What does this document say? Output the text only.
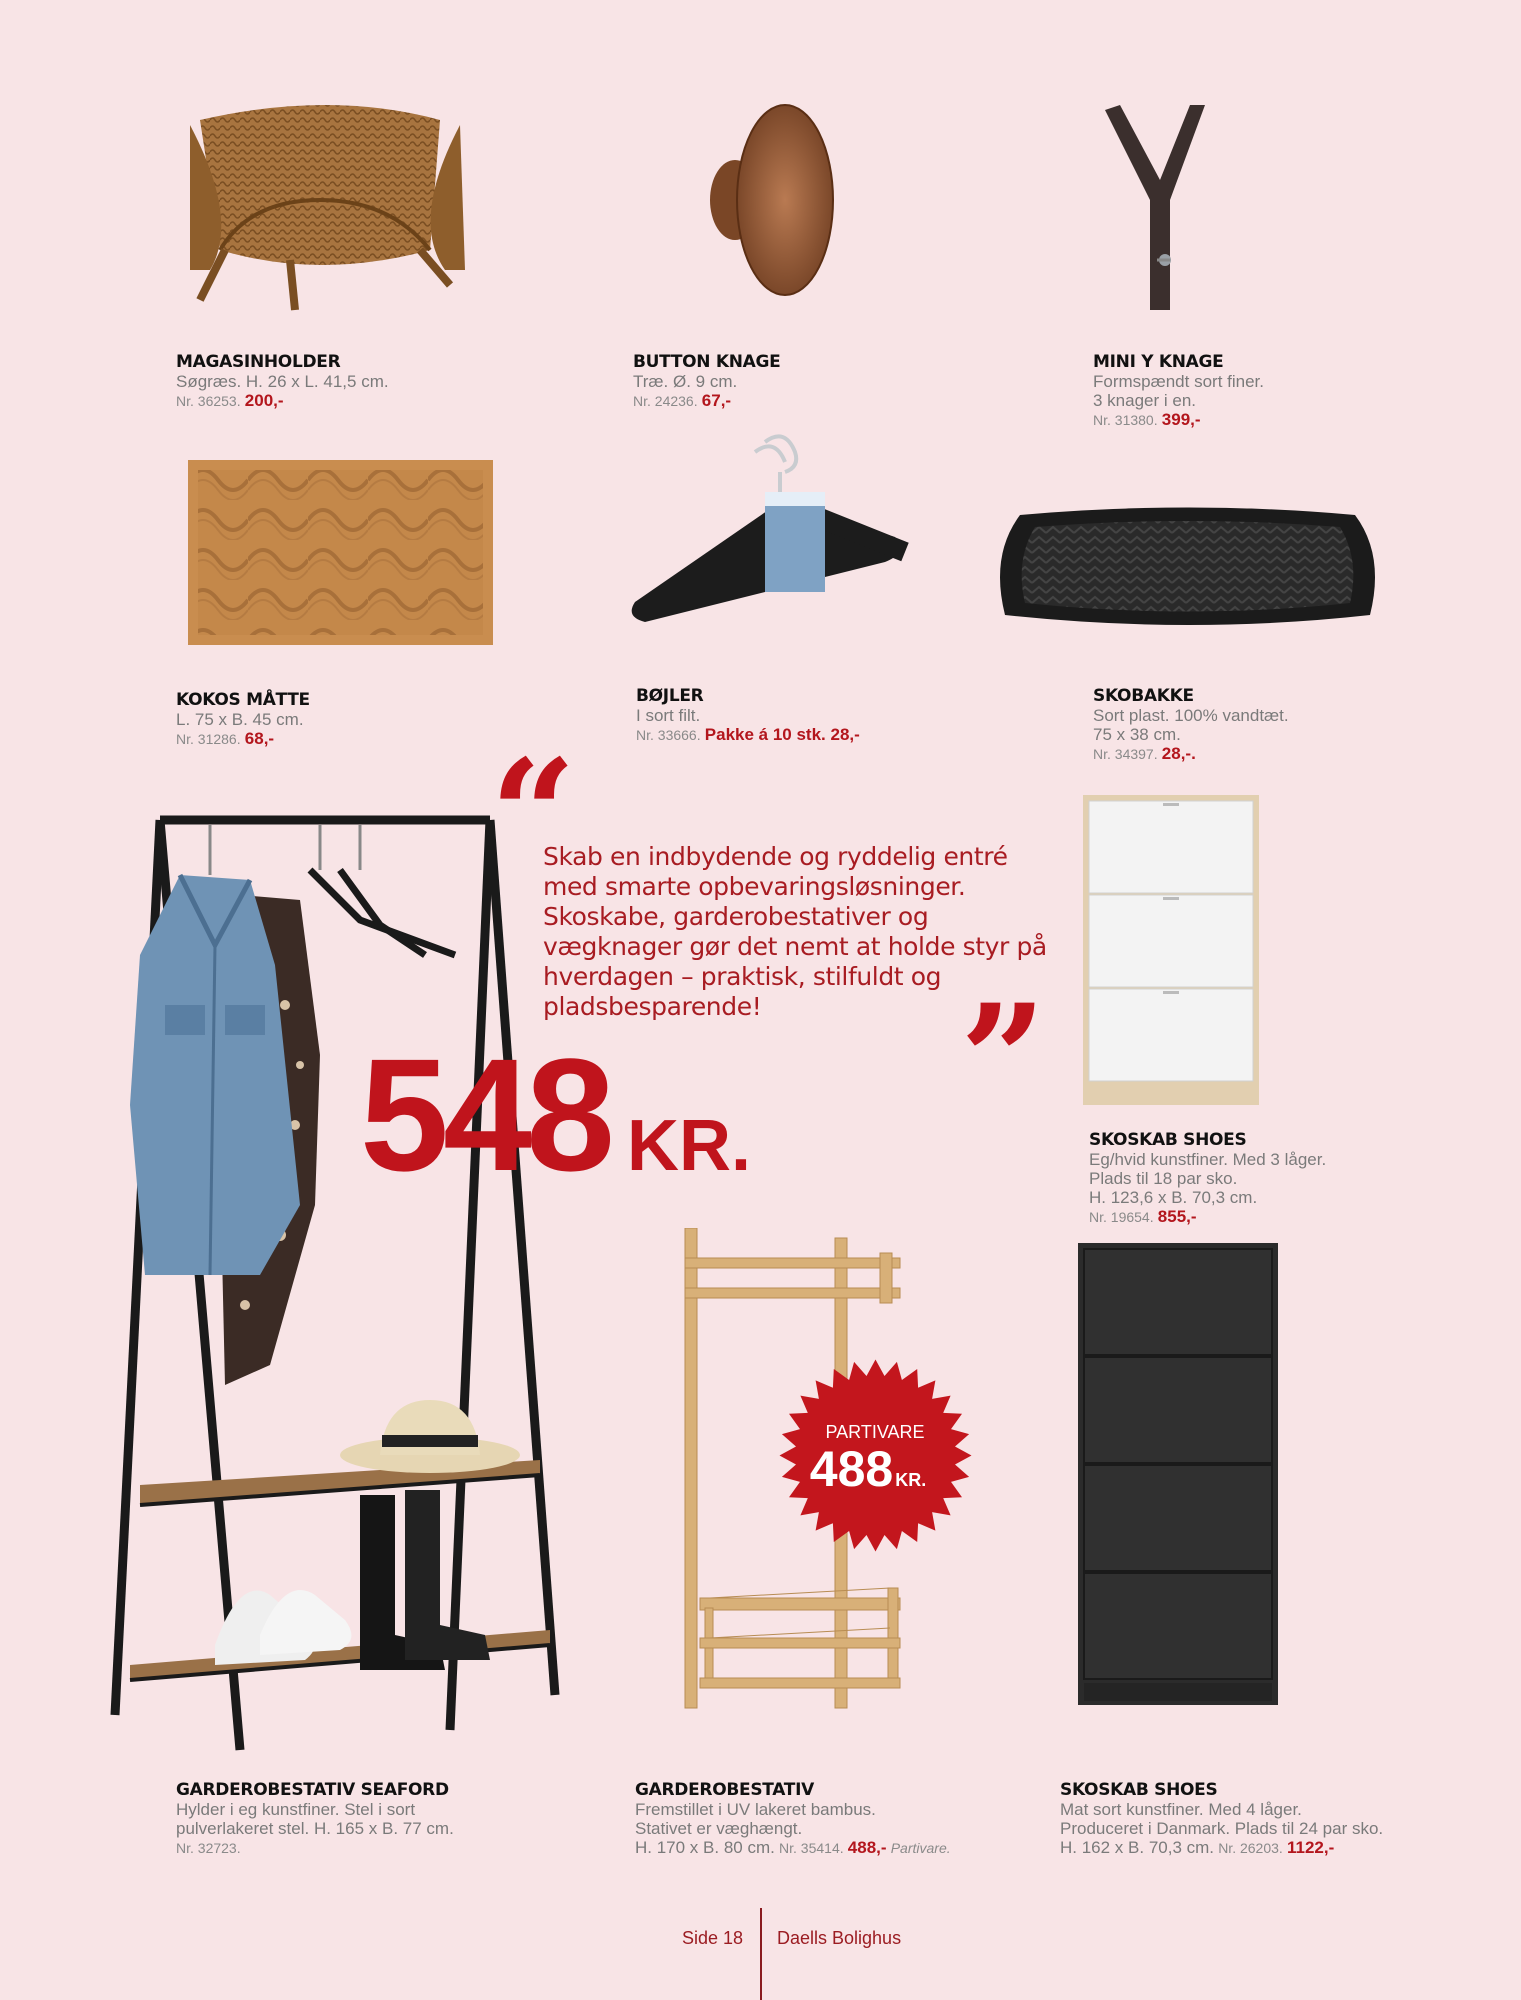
MAGASINHOLDER

Søgræs. H. 26 x L. 41,5 cm.

Nr. 36253. 200,-

BUTTON KNAGE

Træ. Ø. 9 cm.

Nr. 24236. 67,-

MINI Y KNAGE

Formspændt sort finer.
3 knager i en.

Nr. 31380. 399,-

KOKOS MÅTTE

L. 75 x B. 45 cm.

Nr. 31286. 68,-

BØJLER

I sort filt.

Nr. 33666. Pakke á 10 stk. 28,-

SKOBAKKE

Sort plast. 100% vandtæt.
75 x 38 cm.

Nr. 34397. 28,-.
“
Skab en indbydende og ryddelig entré med smarte opbevaringsløsninger. Skoskabe, garderobestativer og vægknager gør det nemt at holde styr på hverdagen – praktisk, stilfuldt og pladsbesparende!	”
548 KR.	SKOSKAB SHOES

Eg/hvid kunstfiner. Med 3 låger.
Plads til 18 par sko.
H. 123,6 x B. 70,3 cm.

Nr. 19654. 855,-
PARTIVARE
488 KR.

GARDEROBESTATIV SEAFORD

Hylder i eg kunstfiner. Stel i sort
pulverlakeret stel. H. 165 x B. 77 cm.

Nr. 32723.

GARDEROBESTATIV

Fremstillet i UV lakeret bambus.
Stativet er væghængt.

H. 170 x B. 80 cm. Nr. 35414. 488,- Partivare.

SKOSKAB SHOES

Mat sort kunstfiner. Med 4 låger.
Produceret i Danmark. Plads til 24 par sko.

H. 162 x B. 70,3 cm. Nr. 26203. 1122,-
Side 18 Daells Bolighus
